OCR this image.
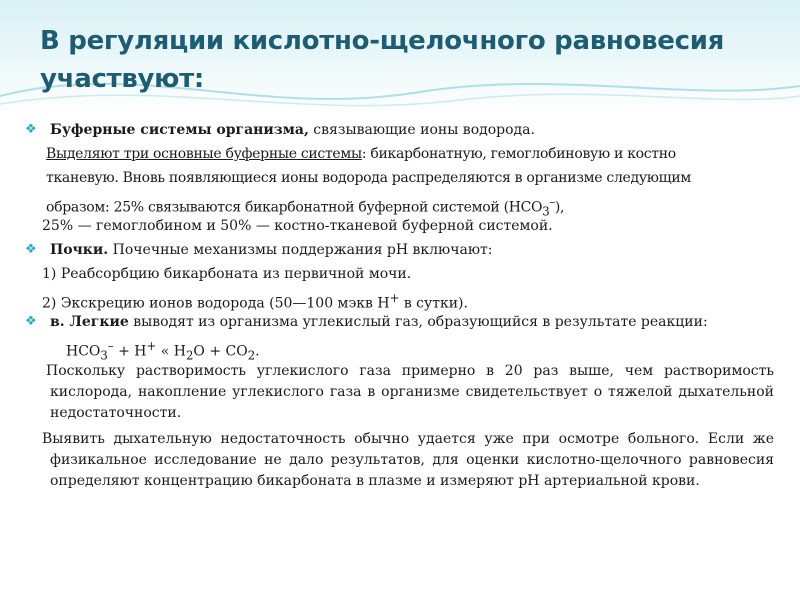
В регуляции кислотно-щелочного равновесия участвуют:
❖ Буферные системы организма, связывающие ионы водорода.
Выделяют три основные буферные системы: бикарбонатную, гемоглобиновую и костно
тканевую. Вновь появляющиеся ионы водорода распределяются в организме следующим
образом: 25% связываются бикарбонатной буферной системой $(НСО_3^-)$,
25% — гемоглобином и 50% — костно-тканевой буферной системой.
❖ Почки. Почечные механизмы поддержания рН включают:
1) Реабсорбцию бикарбоната из первичной мочи.
2) Экскрецию ионов водорода (50—100 мэкв Н+ в сутки).
❖ в. Легкие выводят из организма углекислый газ, образующийся в результате реакции:
$НСО_3^- + Н^+$ « $Н_2О + СО_2$.
Поскольку растворимость углекислого газа примерно в 20 раз выше, чем растворимость кислорода, накопление углекислого газа в организме свидетельствует о тяжелой дыхательной недостаточности.
Выявить дыхательную недостаточность обычно удается уже при осмотре больного. Если же физикальное исследование не дало результатов, для оценки кислотно-щелочного равновесия определяют концентрацию бикарбоната в плазме и измеряют рН артериальной крови.
